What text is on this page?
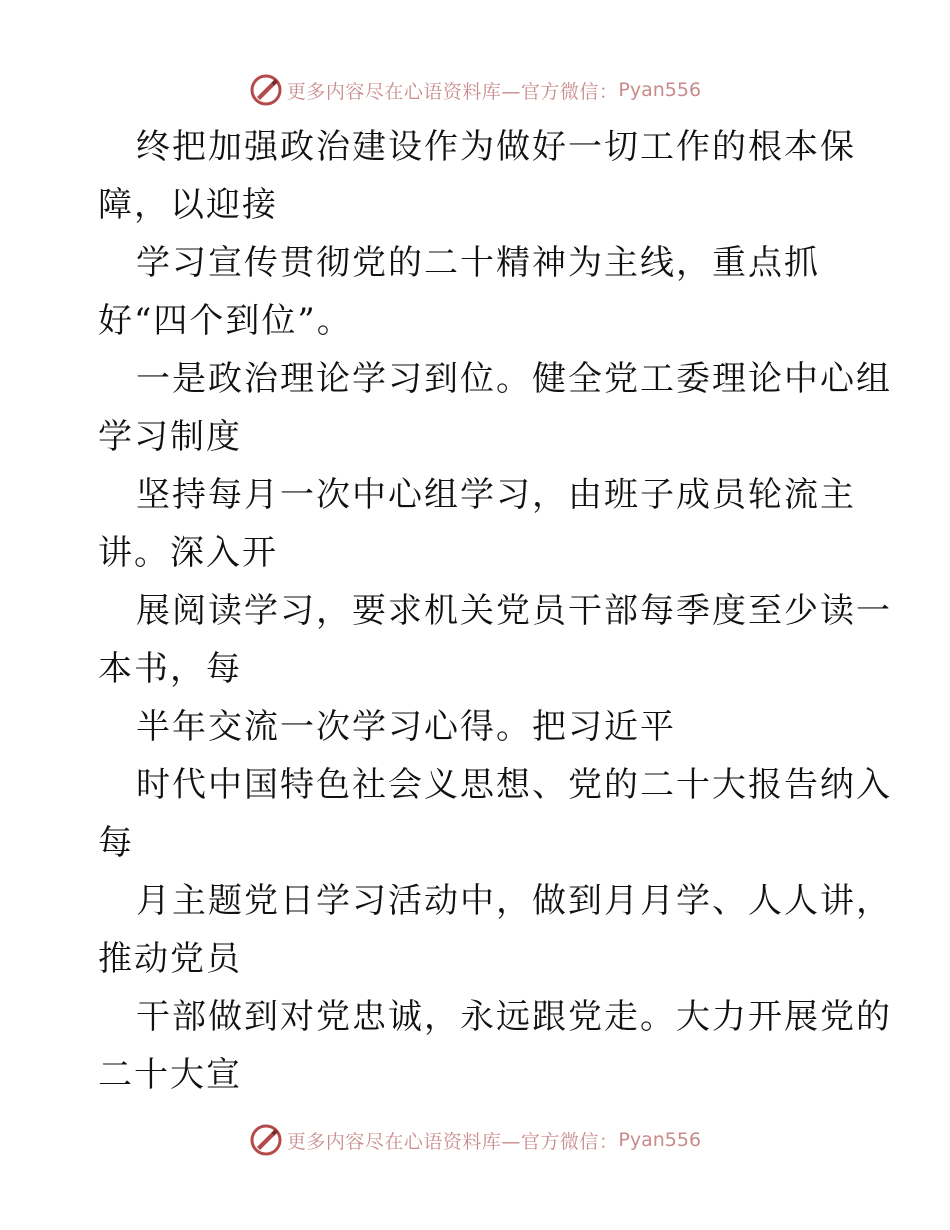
更多内容尽在心语资料库—官方微信： Pyan556
终把加强政治建设作为做好一切工作的根本保
障，以迎接
学习宣传贯彻党的二十精神为主线，重点抓
好“四个到位”。
一是政治理论学习到位。健全党工委理论中心组
学习制度
坚持每月一次中心组学习，由班子成员轮流主
讲。深入开
展阅读学习，要求机关党员干部每季度至少读一
本书，每
半年交流一次学习心得。把习近平
时代中国特色社会义思想、党的二十大报告纳入
每
月主题党日学习活动中，做到月月学、人人讲，
推动党员
干部做到对党忠诚，永远跟党走。大力开展党的
二十大宣
更多内容尽在心语资料库—官方微信： Pyan556
